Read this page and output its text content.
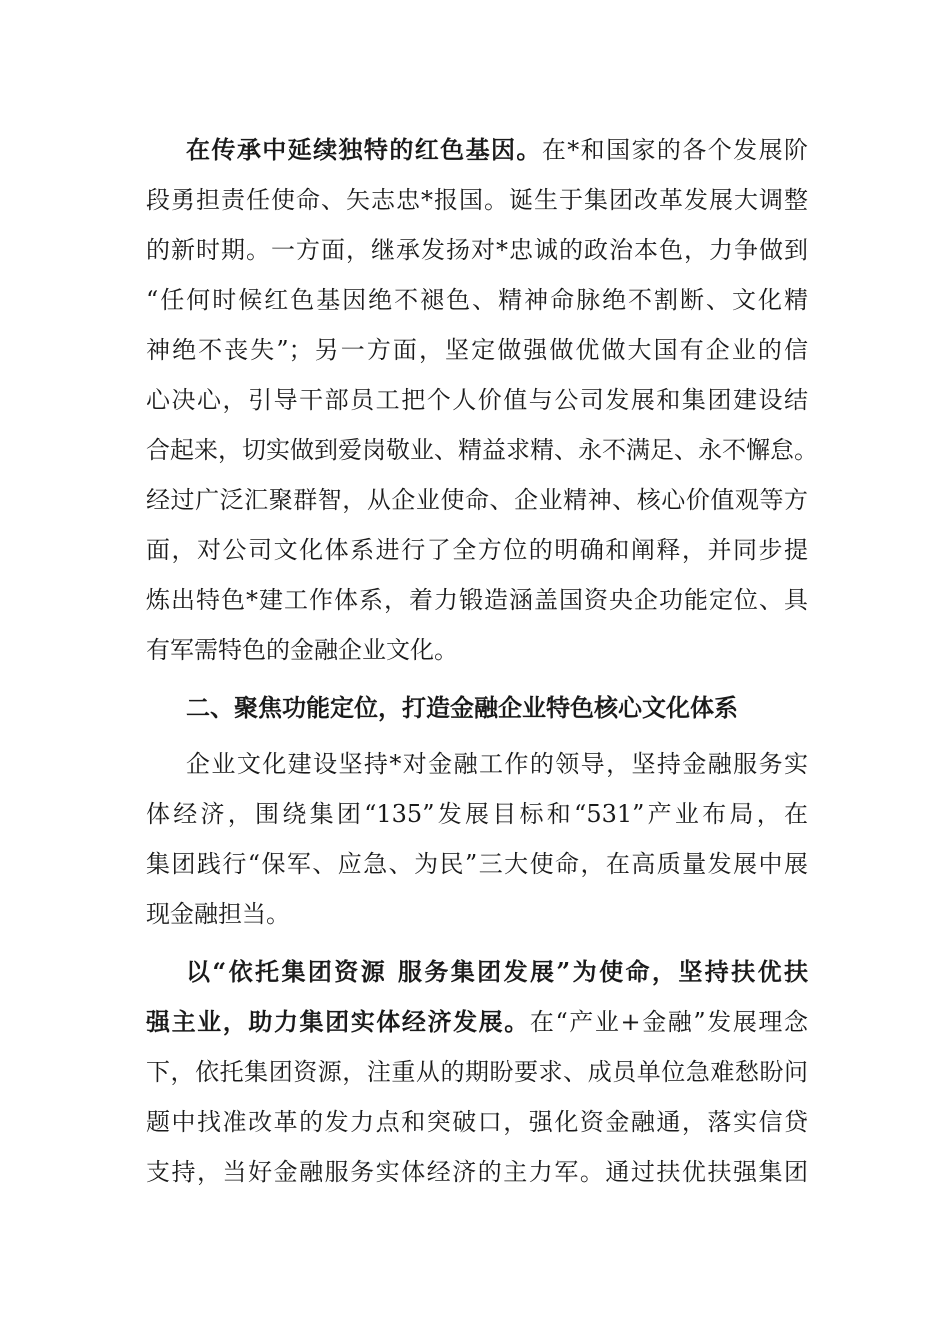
在传承中延续独特的红色基因。在*和国家的各个发展阶
段勇担责任使命、矢志忠*报国。诞生于集团改革发展大调整
的新时期。一方面，继承发扬对*忠诚的政治本色，力争做到
“任何时候红色基因绝不褪色、精神命脉绝不割断、文化精
神绝不丧失”；另一方面，坚定做强做优做大国有企业的信
心决心，引导干部员工把个人价值与公司发展和集团建设结
合起来，切实做到爱岗敬业、精益求精、永不满足、永不懈怠。
经过广泛汇聚群智，从企业使命、企业精神、核心价值观等方
面，对公司文化体系进行了全方位的明确和阐释，并同步提
炼出特色*建工作体系，着力锻造涵盖国资央企功能定位、具
有军需特色的金融企业文化。
二、聚焦功能定位，打造金融企业特色核心文化体系
企业文化建设坚持*对金融工作的领导，坚持金融服务实
体经济，围绕集团“135”发展目标和“531”产业布局，在
集团践行“保军、应急、为民”三大使命，在高质量发展中展
现金融担当。
以“依托集团资源 服务集团发展”为使命，坚持扶优扶
强主业，助力集团实体经济发展。在“产业+金融”发展理念
下，依托集团资源，注重从的期盼要求、成员单位急难愁盼问
题中找准改革的发力点和突破口，强化资金融通，落实信贷
支持，当好金融服务实体经济的主力军。通过扶优扶强集团
